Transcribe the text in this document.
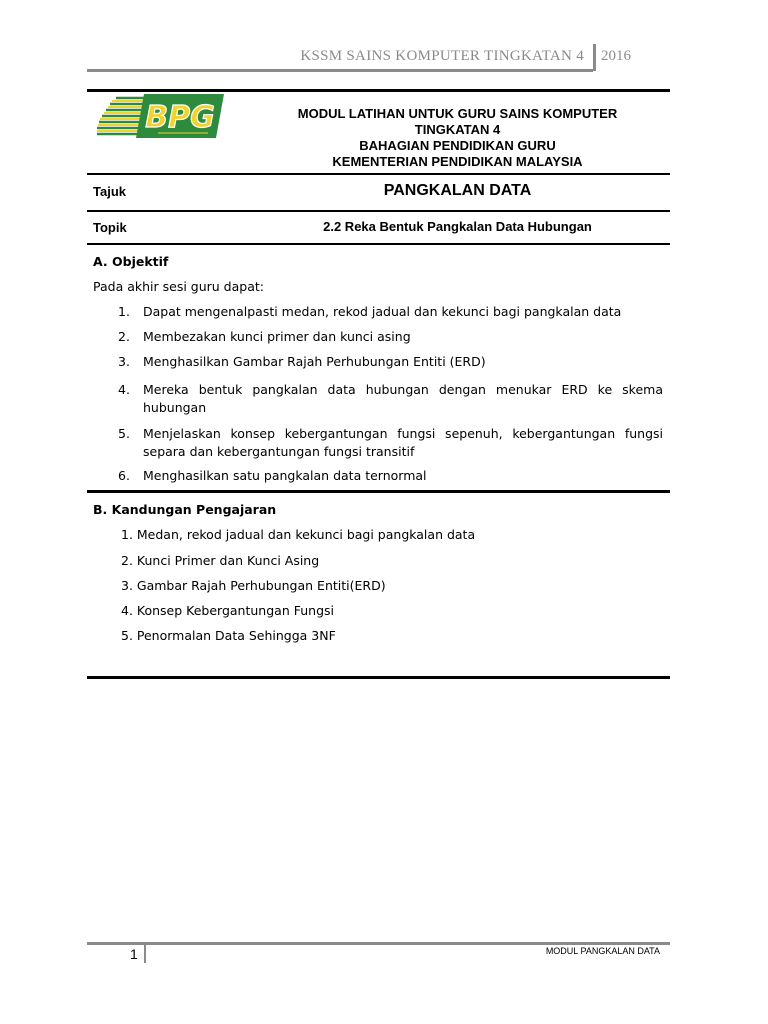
KSSM SAINS KOMPUTER TINGKATAN 4 2016
BPG	MODUL LATIHAN UNTUK GURU SAINS KOMPUTER
TINGKATAN 4
BAHAGIAN PENDIDIKAN GURU
KEMENTERIAN PENDIDIKAN MALAYSIA
Tajuk	PANGKALAN DATA
Topik	2.2 Reka Bentuk Pangkalan Data Hubungan
A. Objektif
Pada akhir sesi guru dapat:
1. Dapat mengenalpasti medan, rekod jadual dan kekunci bagi pangkalan data
2. Membezakan kunci primer dan kunci asing
3. Menghasilkan Gambar Rajah Perhubungan Entiti (ERD)
4. Mereka bentuk pangkalan data hubungan dengan menukar ERD ke skema hubungan
5. Menjelaskan konsep kebergantungan fungsi sepenuh, kebergantungan fungsi separa dan kebergantungan fungsi transitif
6. Menghasilkan satu pangkalan data ternormal
B. Kandungan Pengajaran
1. Medan, rekod jadual dan kekunci bagi pangkalan data
2. Kunci Primer dan Kunci Asing
3. Gambar Rajah Perhubungan Entiti(ERD)
4. Konsep Kebergantungan Fungsi
5. Penormalan Data Sehingga 3NF
1	MODUL PANGKALAN DATA
